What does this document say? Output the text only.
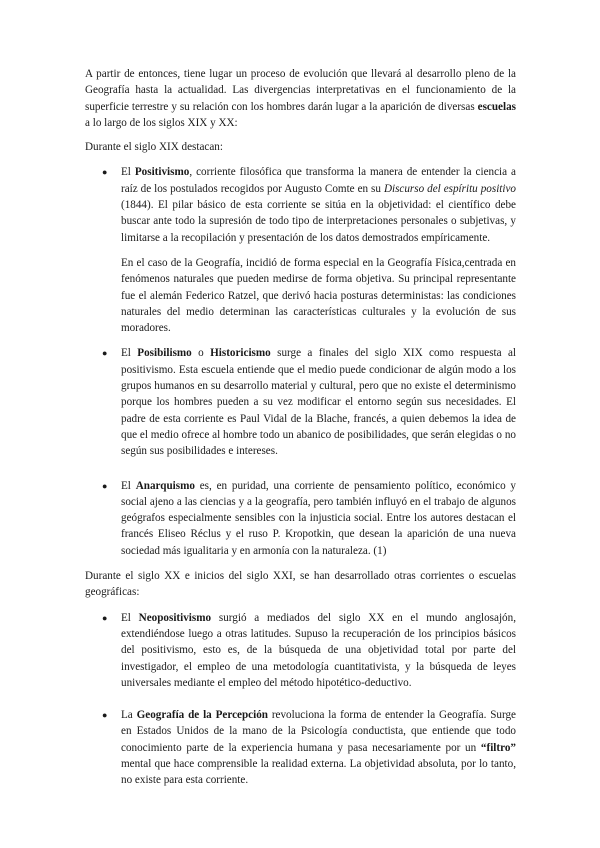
A partir de entonces, tiene lugar un proceso de evolución que llevará al desarrollo pleno de la Geografía hasta la actualidad. Las divergencias interpretativas en el funcionamiento de la superficie terrestre y su relación con los hombres darán lugar a la aparición de diversas escuelas a lo largo de los siglos XIX y XX:

Durante el siglo XIX destacan:

● El Positivismo, corriente filosófica que transforma la manera de entender la ciencia a raíz de los postulados recogidos por Augusto Comte en su Discurso del espíritu positivo (1844). El pilar básico de esta corriente se sitúa en la objetividad: el científico debe buscar ante todo la supresión de todo tipo de interpretaciones personales o subjetivas, y limitarse a la recopilación y presentación de los datos demostrados empíricamente.

En el caso de la Geografía, incidió de forma especial en la Geografía Física,centrada en fenómenos naturales que pueden medirse de forma objetiva. Su principal representante fue el alemán Federico Ratzel, que derivó hacia posturas deterministas: las condiciones naturales del medio determinan las características culturales y la evolución de sus moradores.

● El Posibilismo o Historicismo surge a finales del siglo XIX como respuesta al positivismo. Esta escuela entiende que el medio puede condicionar de algún modo a los grupos humanos en su desarrollo material y cultural, pero que no existe el determinismo porque los hombres pueden a su vez modificar el entorno según sus necesidades. El padre de esta corriente es Paul Vidal de la Blache, francés, a quien debemos la idea de que el medio ofrece al hombre todo un abanico de posibilidades, que serán elegidas o no según sus posibilidades e intereses.

● El Anarquismo es, en puridad, una corriente de pensamiento político, económico y social ajeno a las ciencias y a la geografía, pero también influyó en el trabajo de algunos geógrafos especialmente sensibles con la injusticia social. Entre los autores destacan el francés Eliseo Réclus y el ruso P. Kropotkin, que desean la aparición de una nueva sociedad más igualitaria y en armonía con la naturaleza. (1)

Durante el siglo XX e inicios del siglo XXI, se han desarrollado otras corrientes o escuelas geográficas:

● El Neopositivismo surgió a mediados del siglo XX en el mundo anglosajón, extendiéndose luego a otras latitudes. Supuso la recuperación de los principios básicos del positivismo, esto es, de la búsqueda de una objetividad total por parte del investigador, el empleo de una metodología cuantitativista, y la búsqueda de leyes universales mediante el empleo del método hipotético-deductivo.

● La Geografía de la Percepción revoluciona la forma de entender la Geografía. Surge en Estados Unidos de la mano de la Psicología conductista, que entiende que todo conocimiento parte de la experiencia humana y pasa necesariamente por un “filtro” mental que hace comprensible la realidad externa. La objetividad absoluta, por lo tanto, no existe para esta corriente.
